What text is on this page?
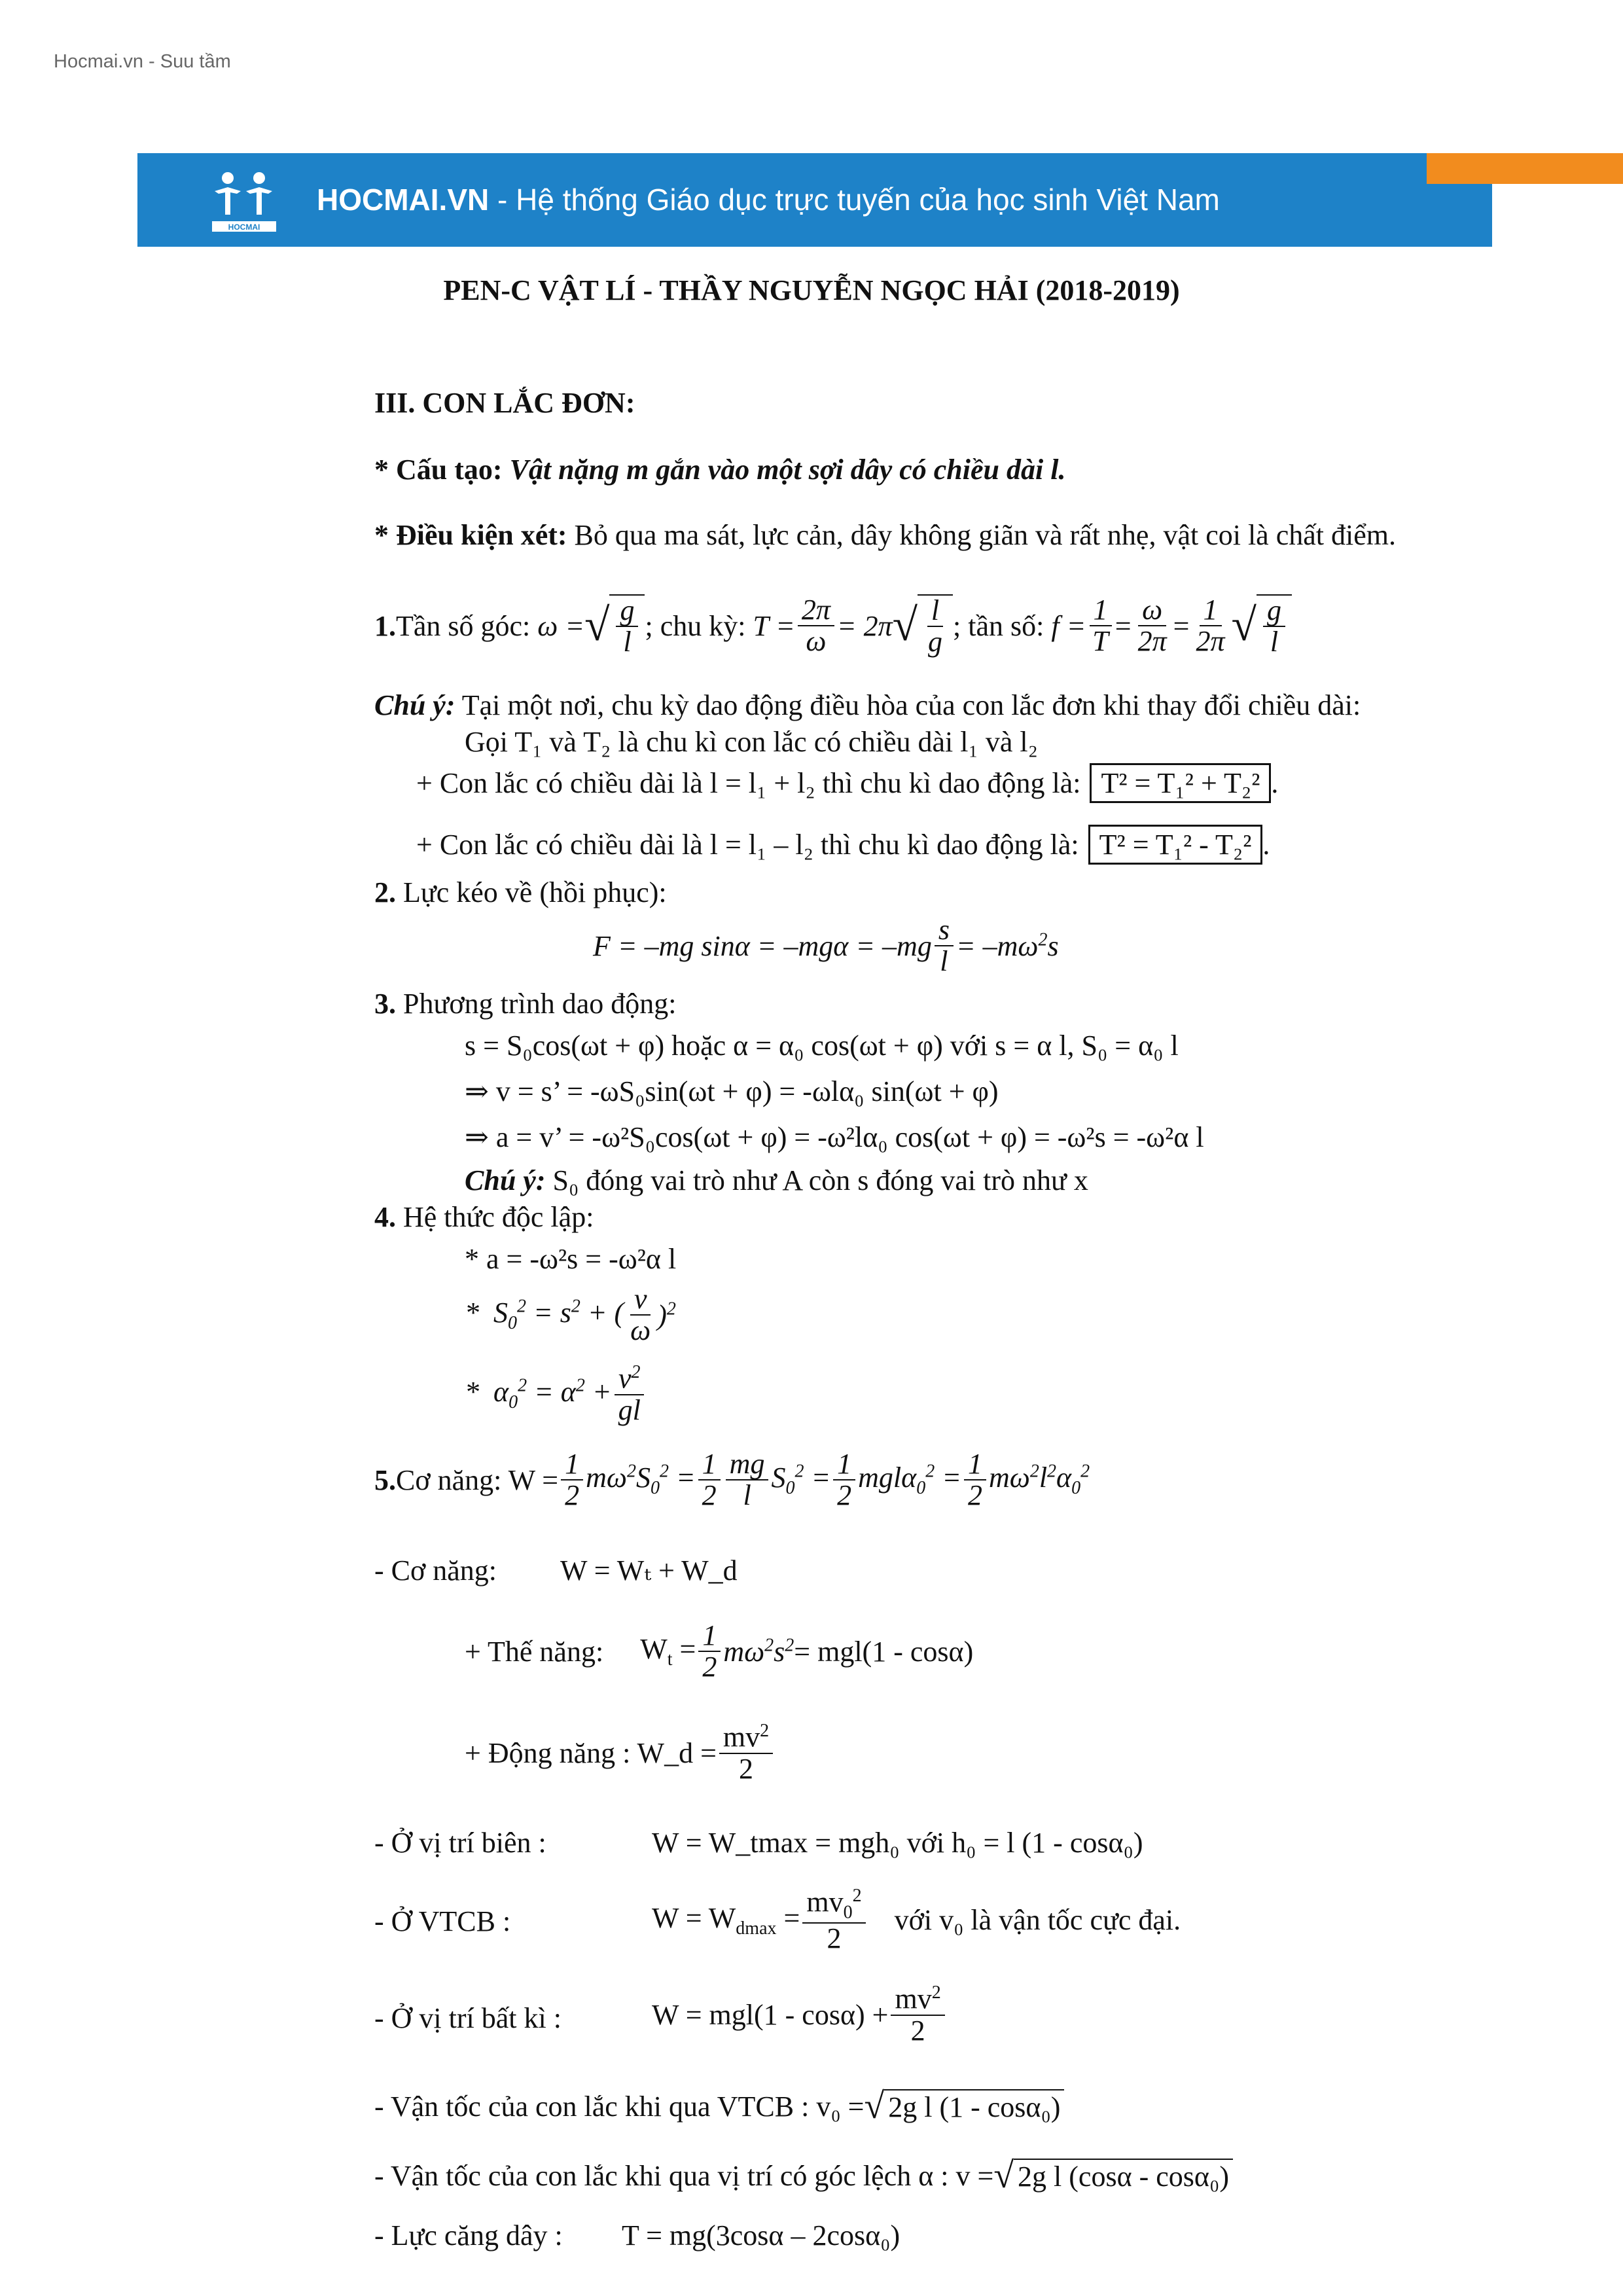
Hocmai.vn - Suu tầm
HOCMAI
HOCMAI.VN - Hệ thống Giáo dục trực tuyến của học sinh Việt Nam
PEN-C VẬT LÍ - THẦY NGUYỄN NGỌC HẢI (2018-2019)
III. CON LẮC ĐƠN:
* Cấu tạo: Vật nặng m gắn vào một sợi dây có chiều dài l.
* Điều kiện xét: Bỏ qua ma sát, lực cản, dây không giãn và rất nhẹ, vật coi là chất điểm.
1. Tần số góc: ω = √ $\frac{g}{l}$ ; chu kỳ: $T = \frac{2\pi}{\omega} = 2\pi$ √ $\frac{l}{g}$ ; tần số: $f = \frac{1}{T} = \frac{\omega}{2\pi} = \frac{1}{2\pi}$ √ $\frac{g}{l}$
Chú ý: Tại một nơi, chu kỳ dao động điều hòa của con lắc đơn khi thay đổi chiều dài:
Gọi T₁ và T₂ là chu kì con lắc có chiều dài l₁ và l₂
+ Con lắc có chiều dài là l = l₁ + l₂ thì chu kì dao động là: T² = T₁² + T₂² .
+ Con lắc có chiều dài là l = l₁ – l₂ thì chu kì dao động là: T² = T₁² - T₂² .
2. Lực kéo về (hồi phục):
F = –mg $\sin\alpha = -mg\alpha = -mg \frac{s}{l} = -m\omega^2s$
3. Phương trình dao động:
s = S₀cos(ωt + φ) hoặc α = α₀ cos(ωt + φ) với s = α l, S₀ = α₀ l
⇒ v = s’ = -ωS₀sin(ωt + φ) = -ωlα₀ sin(ωt + φ)
⇒ a = v’ = -ω²S₀cos(ωt + φ) = -ω²lα₀ cos(ωt + φ) = -ω²s = -ω²α l
Chú ý: S₀ đóng vai trò như A còn s đóng vai trò như x
4. Hệ thức độc lập:
* a = -ω²s = -ω²α l
*  $S_0^2 = s^2$ + ( $\frac{v}{\omega} )^2$
*  $\alpha_0^2 = \alpha^2 + \frac{v^2}{gl}$
5. Cơ năng: $W = \frac{1}{2} m\omega^2S_0^2 = \frac{1}{2} \frac{mg}{l} S_0^2 = \frac{1}{2} mgl\alpha_0^2 = \frac{1}{2} m\omega^2l^2\alpha_0^2$
- Cơ năng: W = Wₜ + W_d
+ Thế năng: $W_t = \frac{1}{2} m\omega^2s^2 = mgl(1 - \cos\alpha)$
+ Động năng : W_d = $\frac{mv^2}{2}$
- Ở vị trí biên :	W = W_tmax = mgh₀ với h₀ = l (1 - cosα₀)
- Ở VTCB :	$W = W_{dmax} = \frac{mv_0^2}{2}$ với v₀ là vận tốc cực đại.
- Ở vị trí bất kì :	$W = mgl(1 - \cos\alpha) + \frac{mv^2}{2}$
- Vận tốc của con lắc khi qua VTCB : v₀ = √ 2g l (1 - cosα₀)
- Vận tốc của con lắc khi qua vị trí có góc lệch α : v = √ 2g l (cosα - cosα₀)
- Lực căng dây : T = mg(3cosα – 2cosα₀)
